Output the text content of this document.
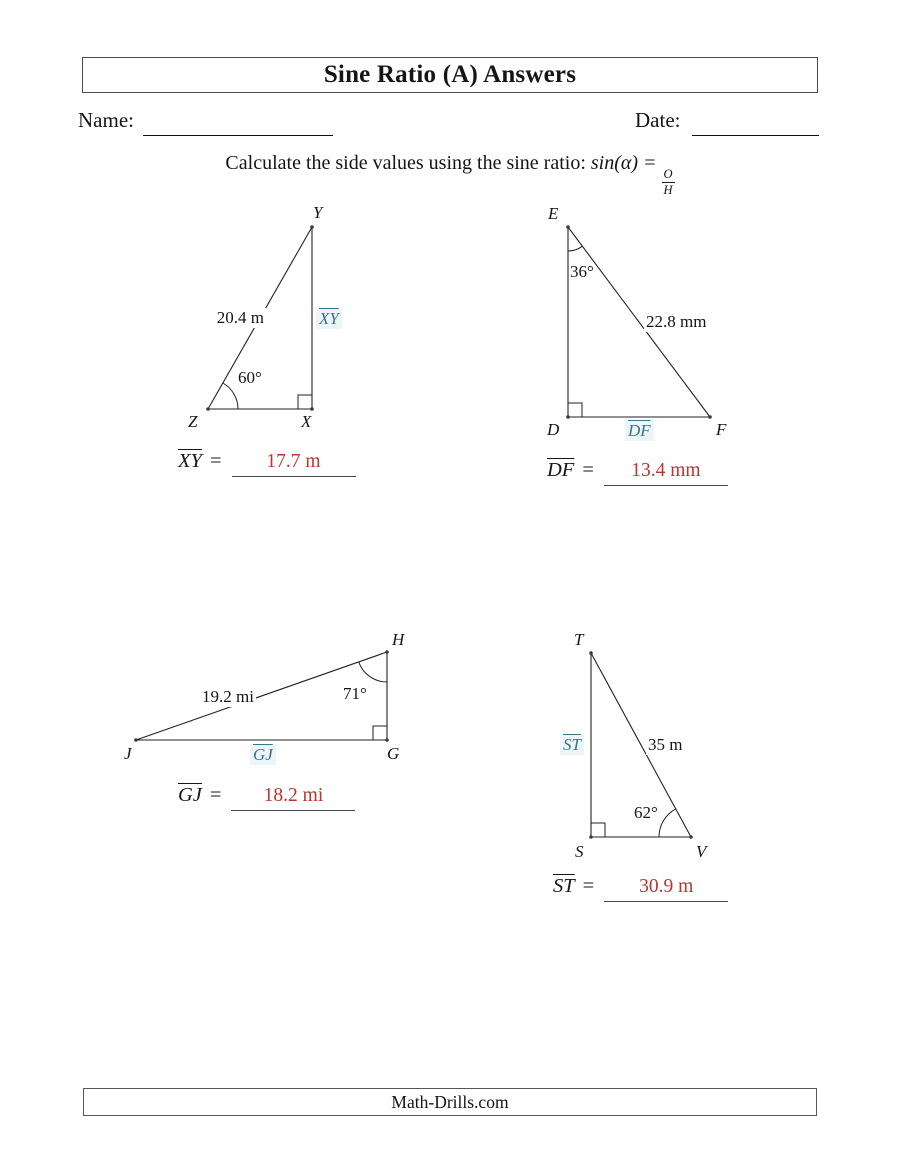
Sine Ratio (A) Answers
Name:	Date:
Calculate the side values using the sine ratio: sin(α) =
$\frac{O}{H}$
Y
Z	X
20.4 m	$\overline{XY}$
60°
$\overline{XY}$ =	17.7 m
E
D	F
36°
22.8 mm
$\overline{DF}$
$\overline{DF}$ =	13.4 mm
H
J	G
19.2 mi	71°
$\overline{GJ}$
$\overline{GJ}$ =	18.2 mi
T
S	V
$\overline{ST}$	35 m
62°
$\overline{ST}$ =	30.9 m
Math-Drills.com
